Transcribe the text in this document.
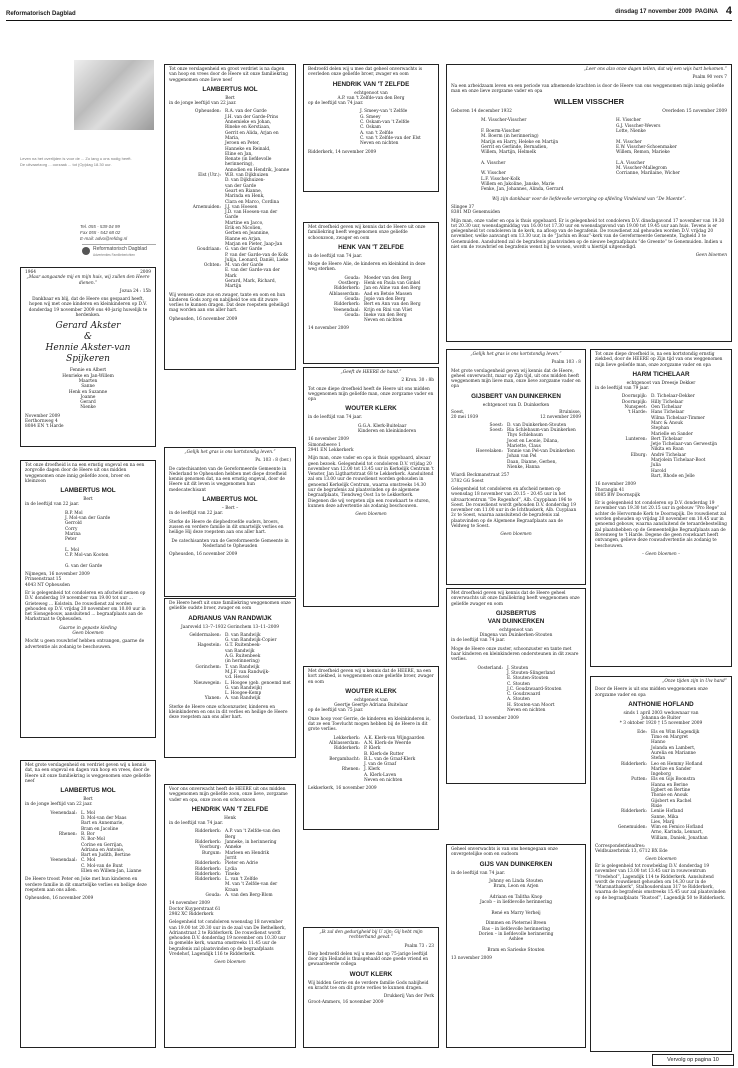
Reformatorisch Dagblad	dinsdag 17 november 2009 PAGINA 4
Leven na het overlijden is voor de ... Zo lang u ons nodig heeft. De uitvaartzorg ... oorzaak ... tot (Op)dag 18.30 uur.
Tel. 055 - 539 04 99
Fax 055 - 542 68 02
E-mail: advo@refdag.nl
Reformatorisch Dagblad
Advertenties Familieberichten
1964	2009

„Maar aangaande mij en mijn huis, wij zullen den Heere dienen.”

Jozua 24 : 15b

Dankbaar en blij, dat de Heere ons gespaard heeft, hopen wij met onze kinderen en kleinkinderen op D.V. donderdag 19 november 2009 ons 40-jarig huwelijk te herdenken.

Gerard Akster
&
Hennie Akster-van Spijkeren

Fennie en Albert
Henrieke en Jan-Willem
Maarten
Sanne
Henk en Suzanne
Joanne
Gerard
Nienke

November 2009
Eerthornweg 4
8084 EN 't Harde

Tot onze droefheid is na een ernstig ongeval en na een zorgvolle dagen door de Heere uit ons midden weggenomen onze innig geliefde zoon, broer en kleinzoon

LAMBERTUS MOL
Bert

in de leeftijd van 22 jaar.

B.P. Mol
J. Mol-van der Garde
Gerrold
Corry
Marina
Peter

L. Mol
C.P. Mol-van Kooten

G. van der Garde
Nijmegen, 16 november 2009
Prinsenstraat 15
4043 NT Opheusden

Er is gelegenheid tot condoleren en afscheid nemen op D.V. donderdag 19 november van 19.00 tot uur ... Grieteweg ... Kolstein. De rouwdienst zal worden gehouden op D.V. vrijdag 20 november om 10.00 uur in het Sionsgebouw, aansluitend ... begraafplaats aan de Markstraat te Opheusden.

Gaarne in gepaste kleding
Geen bloemen

Mocht u geen rouwbrief hebben ontvangen, gaarne de advertentie als zodanig te beschouwen.

Met grote verslagenheid en verdriet geven wij u kennis dat, na een ongeval en dagen van hoop en vrees, door de Heere uit onze familiekring is weggenomen onze geliefde neef

LAMBERTUS MOL
Bert

in de jonge leeftijd van 22 jaar.

Veenendaal: L. Mol
D. Mol-van der Maas
Bart en Annemarie,
Bram en Jacoline
Rhenen: B. Bor
N. Bor-Mol
Corine en Gerrijan,
Adriana en Antonie,
Bart en Judith, Bertine
Veenendaal: C. Mol
C. Mol-van de Bunt
Ellen en Willem-Jan, Lianne

De Heere troost Peter en Joke met hun kinderen en verdere familie in dit smartelijke verlies en heilige deze roepstem aan ons allen.

Opheusden, 16 november 2009

Tot onze verslagenheid en groot verdriet is na dagen van hoop en vrees door de Heere uit onze familiekring weggenomen onze lieve neef

LAMBERTUS MOL
Bert

in de jonge leeftijd van 22 jaar.

Opheusden: R.A. van der Garde
J.H. van der Garde-Prins
Annemieke en Johan,
Rineke en Kerstiaan,
Gerrit en Alida, Arjan en Maria,
Jeroen en Peter,
Hanneke en Reinald,
Eline en Jan,
Renate (in liefdevolle herinnering),
Annodien en Hendrik, Joanne
Elst (Utr.): W.B. van Dijkhuizen
D. van Dijkhuizen-
van der Garde
Geart en Rianne,
Marinda en Henk,
Clara en Marco, Cordina
Arnemuiden: J.J. van Hoesen
J.D. van Hoesen-van der Garde
Martine en Jacco,
Erik en Nicolien,
Gerben en Jeannine,
Rianne en Arjan,
Marjan en Pieter, Jaap-Jan
Goudriaan: G. van der Garde
P. van der Garde-van de Kolk
Julija, Leonard, Daniël, Lieke
Ochten: M. van der Garde
E. van der Garde-van der Mark
Gerard, Mark, Richard, Martijn

Wij wensen onze zus en zwager, tante en oom en hun kinderen Gods zorg en nabijheid toe om dit zware verlies te kunnen dragen. Dat deze roepstem geheiligd mag worden aan ons aller hart.

Opheusden, 16 november 2009

„Gelijk het gras is ons kortstondig leven.”

Ps. 103 : 8 (ber.)

De catechisanten van de Gereformeerde Gemeente in Nederland te Opheusden hebben met diepe droefheid kennis genomen dat, na een ernstig ongeval, door de Heere uit dit leven is weggenomen hun medecatechisant

LAMBERTUS MOL
– Bert –

in de leeftijd van 22 jaar.

Sterke de Heere de diepbedroefde ouders, broers, zussen en verdere familie in dit smartelijk verlies en heilige Hij deze roepstem aan ons aller hart.

De catechisanten van de Gereformeerde Gemeente in Nederland te Opheusden

Opheusden, 16 november 2009

De Heere heeft uit onze familiekring weggenomen onze geliefde oudste broer, zwager en oom

ADRIANUS VAN RANDWIJK

Jaarsveld 13–7–1932 Gorinchem 13–11–2009

Geldermalsen: D. van Randwijk
G. van Randwijk-Copier
Hagestein: G.T. Ruitenbeek-
van Randwijk
A.G. Ruitenbeek
(in herinnering)
Gorinchem: T. van Randwijk
M.J.F. van Randwijk-
v.d. Heuvel
Nieuwegein: L. Hoogee (geb. genoemd met
G. van Randwijk)
L. Hoogee-Kemp
Ylanen: A. van Randwijk

Sterke de Heere onze schoonzuster, kinderen en kleinkinderen en ons in dit verlies en heilige de Heere deze roepstem aan ons aller hart.

Voor ons onverwacht heeft de HEERE uit ons midden weggenomen mijn geliefde zoon, onze lieve, zorgzame vader en opa, onze zoon en schoonzoon

HENDRIK VAN 'T ZELFDE
Henk

in de leeftijd van 74 jaar.

Ridderkerk: A.P. van 't Zelfde-van den Berg
Ridderkerk: Janneke, in herinnering
Voorburg: Anneke
Burgum: Marleen en Hendrik
Jorrit
Ridderkerk: Pieter en Adrie
Ridderkerk: Lydia
Ridderkerk: Tineke
Ridderkerk: L. van 't Zelfde
M. van 't Zelfde-van der Kraan
Gouda: A. van den Berg-Blom
14 november 2009
Doctor Kuyperstraat 61
2982 XC Ridderkerk

Gelegenheid tot condoleren woensdag 18 november van 19.00 tot 20.30 uur in de zaal van De Bethelkerk, Adrianstraat 2 te Ridderkerk. De rouwdienst wordt gehouden D.V. donderdag 19 november om 10.30 uur in gemelde kerk, waarna omstreeks 11.45 uur de begrafenis zal plaatsvinden op de begraafplaats Vredehof, Lagendijk 116 te Ridderkerk.

Geen bloemen

Bedroefd delen wij u mee dat geheel onverwachts is overleden onze geliefde broer, zwager en oom

HENDRIK VAN 'T ZELFDE
echtgenoot van
A.P. van 't Zelfde-van den Berg

op de leeftijd van 74 jaar.

J. Smeey-van 't Zelfde
G. Smeey
C. Oskam-van 't Zelfde
C. Oskam
A. van 't Zelfde
C. van 't Zelfde-van der Elst
Neven en nichten
Ridderkerk, 14 november 2009

Met droefheid geven wij kennis dat de Heere uit onze familiekring heeft weggenomen onze geliefde schoonzoon, zwager en oom

HENK VAN 'T ZELFDE

in de leeftijd van 74 jaar.

Moge de Heere Alie, de kinderen en kleinkind in deze weg sterken.

Gouda: Moeder van den Berg
Oostberg: Henk en Paula van Ginkel
Ridderkerk: Jan en Aline van den Berg
Alblasserdam: Aad en Betsie Massen
Gouda: Jopie van den Berg
Ridderkerk: Bert en Ann van den Berg
Veenendaal: Krijn en Rini van Vliet
Gouda: Ineke van den Berg
Neven en nichten
14 november 2009

„Geeft de HEERE de hand.”

2 Kron. 30 : 8b

Tot onze diepe droefheid heeft de Heere uit ons midden weggenomen mijn geliefde man, onze zorgzame vader en opa

WOUTER KLERK

in de leeftijd van 74 jaar.

G.G.A. Klerk-Buitelaar
Kinderen en kleinkinderen
16 november 2009
Simonsbeeve 1
2941 EN Lekkerkerk

Mijn man, onze vader en opa is thuis opgebaard, alwaar geen bezoek. Gelegenheid tot condoleren D.V. vrijdag 20 november van 12.00 tot 13.45 uur in Kerkelijk Centrum 't Venster, Jan Ligthartstraat 68 te Lekkerkerk. Aansluitend zal om 13.00 uur de rouwdienst worden gehouden in genoemd Kerkelijk Centrum, waarna omstreeks 14.30 uur de begrafenis zal plaatsvinden op de algemene begraafplaats, Tiendweg Oost 1a te Lekkerkerk. Diegenen die wij vergeten zijn een rouwkaart te sturen, kunnen deze advertentie als zodanig beschouwen.

Geen bloemen

Met droefheid geven wij u kennis dat de HEERE, na een kort ziekbed, is weggenomen onze geliefde broer, zwager en oom

WOUTER KLERK
echtgenoot van
Geertje Geertje Adriana Buitelaar

op de leeftijd van 75 jaar.

Onze hoop voor Gerrie, de kinderen en kleinkinderen is, dat ze een Toevlucht mogen hebben bij de Heere in dit grote verlies.

Lekkerkerk: A.K. Klerk-van Wijngaarden
Alblasserdam: A.N. Klerk-de Weerde
Ridderkerk: P. Klerk
B. Klerk-de Rutter
Bergambacht: B.L. van de Graaf-Klerk
J. van de Graaf
Rhenen: J. Klerk
A. Klerk-Laven
Neven en nichten
Lekkerkerk, 16 november 2009

„Ik zal den gedurigheid bij U zijn; Gij hebt mijn rechterhand gevat.”

Psalm 73 : 23

Diep bedroefd delen wij u mee dat op 75-jarige leeftijd door zijn Heiland is thuisgehaald onze goede vriend en gewaardeerde collega

WOUT KLERK

Wij bidden Gerrie en de verdere familie Gods nabijheid en kracht toe om dit grote verlies te kunnen dragen.

Drukkerij Van der Perk
Groot-Ammers, 16 november 2009

„Leer ons alzo onze dagen tellen, dat wij een wijs hart bekomen.”

Psalm 90 vers 7

Na een arbeidzaam leven en een periode van afnemende krachten is door de Heere van ons weggenomen mijn innig geliefde man en onze lieve zorgzame vader en opa

WILLEM VISSCHER
Geboren 14 december 1932	Overleden 15 november 2009
M. Visscher-Visscher

F. Boerm-Visscher
M. Boerm (in herinnering)
Marijn en Harry, Heleke en Martijn
Gerrit en Gerlinde, Bernadien,
Willem, Martijn, Helmelk

A. Visscher

W. Visscher
L.F. Visscher-Kolk
Willem en Jakoline, Janske, Marie
Fenke, Jan, Johannes, Alinda, Gerrard
H. Visscher
G.J. Visscher-Wevers
Lotte, Nienke

M. Visscher
E.W. Visscher-Schoenmaker
Willem, Remon, Marieke

L.A. Visscher
M. Visscher-Mallegrom
Corrianne, Marilaine, Wicher

Wij zijn dankbaar voor de liefdevolle verzorging op afdeling Vindeland van “De Maente”.

Slingee 37
8381 MD Genemuiden

Mijn man, onze vader en opa is thuis opgebaard. Er is gelegenheid tot condoleren D.V. dinsdagavond 17 november van 19.30 tot 20.30 uur, woensdagmiddag van 16.00 tot 17.30 uur en woensdagavond van 19.00 tot 19.45 uur aan huis. Tevens is er gelegenheid tot condoleren in de kerk, na afloop van de begrafenis. De rouwdienst zal gehouden worden D.V. vrijdag 20 november, welke aanvangt om 13.30 uur, in de “Jachin en Boaz”-kerk van de Gereformeerde Gemeente, Tagheld 3 te Genemuiden. Aansluitend zal de begrafenis plaatsvinden op de nieuwe begraafplaats “de Greente” te Genemuiden. Indien u niet om de rouwbrief en begrafenis wenst bij te wonen, wordt u hiertijd uitgenodigd.

Geen bloemen

„Gelijk het gras is ons kortstondig leven.”

Psalm 103 : 8

Met grote verslagenheid geven wij kennis dat de Heere, geheel onverwacht, maar op Zijn tijd, uit ons midden heeft weggenomen mijn lieve man, onze lieve zorgzame vader en opa

GIJSBERT VAN DUINKERKEN
echtgenoot van D. Duinkerken
Soest,
20 mei 1939
Bruinisse,
12 november 2009
Soest: D. van Duinkerken-Stouten
Soest: Ria Schlebaum-van Duinkerken
Thys Schlebaum
Joost en Leonie, Dilana,
Mariette, Claus
Hoevelaken: Tonnie van Pel-van Duinkerken
Johan van Pel
Daan, Dianne, Gerben,
Nienke, Hanna
Wiardi Beckmanstraat 257
3782 GG Soest

Gelegenheid tot condoleren en afscheid nemen op woensdag 18 november van 20.15 – 20.45 uur in het uitvaartcentrum “De Rogenhof”, Alb. Cuypplaan 196 te Soest. De rouwdienst wordt gehouden D.V. donderdag 19 november om 11.00 uur in de Ichthuskerk, Alb. Cuyplaan 2c te Soest, waarna aansluitend de begrafenis zal plaatsvinden op de Algemene Begraafplaats aan de Veldweg te Soest.

Geen bloemen

Met droefheid geven wij kennis dat de Heere geheel onverwachts uit onze familiekring heeft weggenomen onze geliefde zwager en oom

GIJSBERTUS
VAN DUINKERKEN
echtgenoot van
Dingena van Duinkerken-Stouten

in de leeftijd van 74 jaar.

Moge de Heere onze zuster, schoonzuster en tante met haar kinderen en kleinkinderen ondersteunen in dit zware verlies.

Oosterland: J. Stouten
J. Stouten-Slingerland
E. Stouten-Stouten
C. Stouten
J.C. Goudzwaard-Stouten
C. Goudzwaard
A. Stouten
H. Stouten-van Moort
Neven en nichten
Oosterland, 13 november 2009

Geheel onverwachts is van ons heengegaan onze onvergetelijke oom en oudoom

GIJS VAN DUINKERKEN

in de leeftijd van 74 jaar.

Johnny en Linda Stouten
Bram, Leon en Arjen

Adriaan en Talitha Knop
Jacob – in liefdevolle herinnering

René en Marry Verheij

Dimmen en Pieternel Breen
Bas – in liefdevolle herinnering
Dorien – in liefdevolle herinnering
Ashlee

Bram en Sarieske Stouten
13 november 2009

Tot onze diepe droefheid is, na een kortstondig ernstig ziekbed, door de HEERE op Zijn tijd van ons weggenomen mijn lieve geliefde man, onze zorgzame vader en opa

HARM TICHELAAR
echtgenoot van Dreesje Dekker

in de leeftijd van 79 jaar.

Doornspijk: D. Tichelaar-Dekker
Doornspijk: Hilly Tichelaar
Nunspeet: Oen Tichelaar
't Harde: Hans Tichelaar
Wilma Tichelaar-Timmer
Marc & Anouk
Stephan
Marielle en Sander
Lunteren: Bert Tichelaar
Jetje Tichelaar-van Gerwestijn
Nikita en Roan
Elburg: André Tichelaar
Marjolein Tichelaar-Boot
Julia
Harold
Bart, Rhode en Jelle
16 november 2009
Thorangin 41
8085 BW Doornspijk

Er is gelegenheid tot condoleren op D.V. donderdag 19 november van 19.30 tot 20.15 uur in gebouw “Pro Rege” achter de Hervormde Kerk te Doornspijk. De rouwdienst zal worden gehouden op vrijdag 20 november om 10.45 uur in genoemd gebouw, waarna aansluitend de teraardebestelling zal plaatshebben op de Gemeentelijke Begraafplaats aan de Bovenweg te 't Harde. Degene die geen rouwkaart heeft ontvangen, gelieve deze rouwadvertentie als zodanig te beschouwen.

– Geen bloemen –

„Onze tijden zijn in Uw hand”

Door de Heere is uit ons midden weggenomen onze zorgzame vader en opa

ANTHONIE HOFLAND
sinds 1 april 2003 weduwnaar van
Johanna de Ruiter

* 3 oktober 1920 † 15 november 2009

Ede: Els en Wim Hagendijk
Timo en Margret
Hanno
Jolanda en Lambert,
Aurelia en Marianne
Stefan
Ridderkerk: Leo en Hemmy Hofland
Marlize en Sander
Ingeborg
Putten: Els en Gijs Boonstra
Hanna en Berine
Egbert en Bertine
Thonie en Anouk
Gijsbert en Rachel
Rixie
Ridderkerk: Leniie Hofland
Sanne, Mika
Lies, Marij
Genemuiden: Wim en Femico Hofland
Arno, Karinda, Lennart,
William, Daniek, Jonathan
Correspondentieadres:
Veldbuizerbrink 13, 6712 BX Ede
Geen bloemen

Er is gelegenheid tot rouwbeklag D.V. donderdag 19 november van 13.00 tot 13.45 uur in rouwcentrum “Vredehof”, Lagendijk 114 te Ridderkerk. Aansluitend wordt de rouwdienst gehouden om 14.30 uur in de “Maranathakerk”, Stalhouderslaan 317 te Ridderkerk, waarna de begrafenis omstreeks 15.45 uur zal plaatsvinden op de begraafplaats “Rustoof”, Lagendijk 50 te Ridderkerk.

Vervolg op pagina 10
